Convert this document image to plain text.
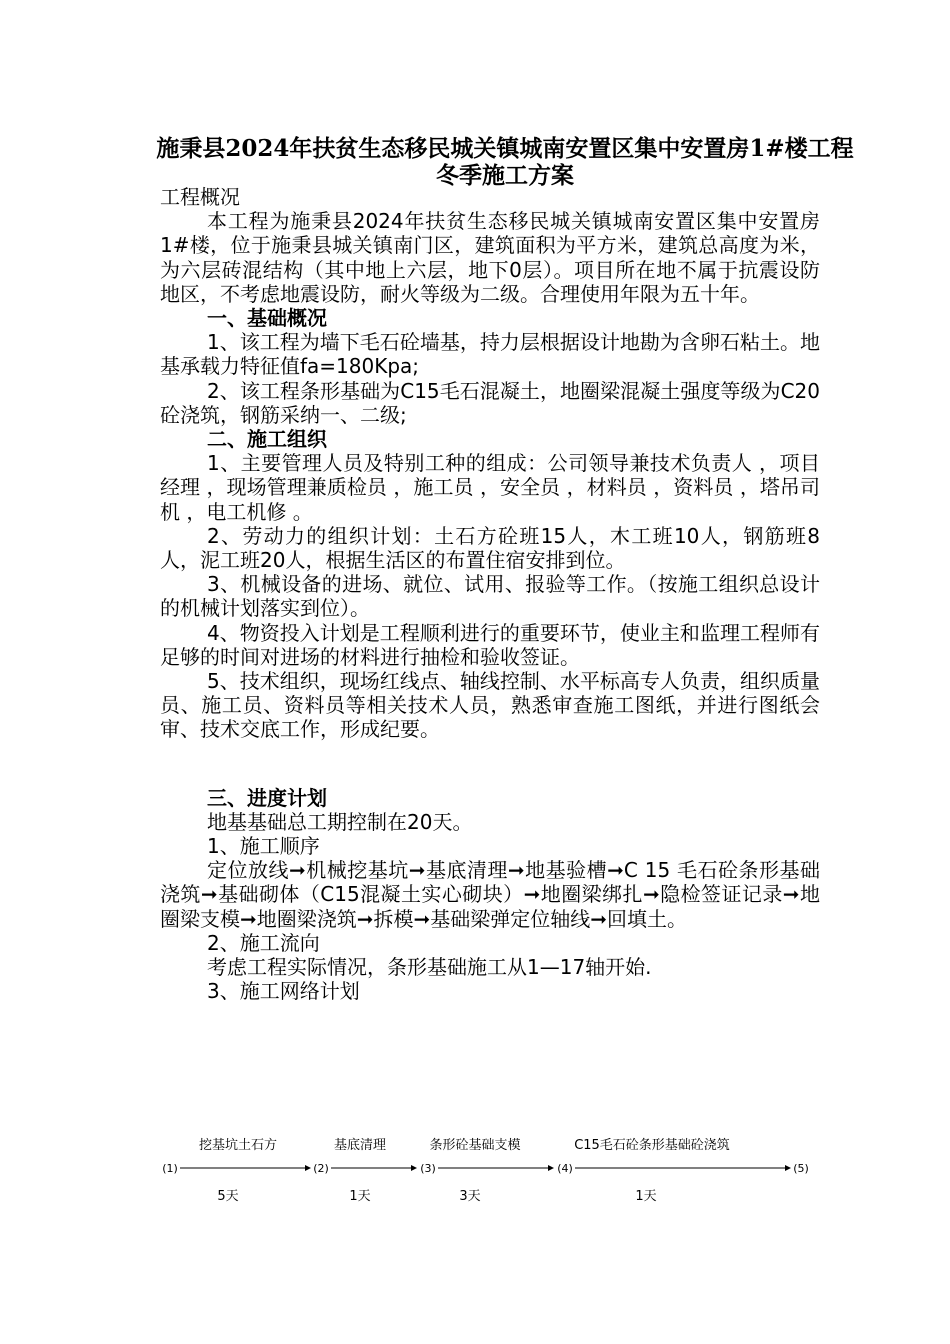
施秉县2024年扶贫生态移民城关镇城南安置区集中安置房1#楼工程
冬季施工方案

工程概况

本工程为施秉县2024年扶贫生态移民城关镇城南安置区集中安置房1#楼，位于施秉县城关镇南门区，建筑面积为平方米，建筑总高度为米，为六层砖混结构（其中地上六层，地下0层）。项目所在地不属于抗震设防地区，不考虑地震设防，耐火等级为二级。合理使用年限为五十年。

一、基础概况

1、该工程为墙下毛石砼墙基，持力层根据设计地勘为含卵石粘土。地基承载力特征值fa=180Kpa;

2、该工程条形基础为C15毛石混凝土，地圈梁混凝土强度等级为C20砼浇筑，钢筋采纳一、二级;

二、施工组织

1、主要管理人员及特别工种的组成：公司领导兼技术负责人 ，项目经理 ，现场管理兼质检员 ，施工员 ，安全员 ，材料员 ，资料员 ，塔吊司机 ，电工机修 。

2、劳动力的组织计划：土石方砼班15人，木工班10人，钢筋班8人，泥工班20人，根据生活区的布置住宿安排到位。

3、机械设备的进场、就位、试用、报验等工作。（按施工组织总设计的机械计划落实到位）。

4、物资投入计划是工程顺利进行的重要环节，使业主和监理工程师有足够的时间对进场的材料进行抽检和验收签证。

5、技术组织，现场红线点、轴线控制、水平标高专人负责，组织质量员、施工员、资料员等相关技术人员，熟悉审查施工图纸，并进行图纸会审、技术交底工作，形成纪要。

三、进度计划

地基基础总工期控制在20天。

1、施工顺序

定位放线➞机械挖基坑➞基底清理➞地基验槽➞C 15 毛石砼条形基础浇筑➞基础砌体（C15混凝土实心砌块）➞地圈梁绑扎➞隐检签证记录➞地圈梁支模➞地圈梁浇筑➞拆模➞基础梁弹定位轴线➞回填土。

2、施工流向

考虑工程实际情况，条形基础施工从1—17轴开始.

3、施工网络计划

挖基坑土石方	基底清理	条形砼基础支模	C15毛石砼条形基础砼浇筑
(1)	(2)	(3)	(4)	(5)
5天	1天	3天	1天
